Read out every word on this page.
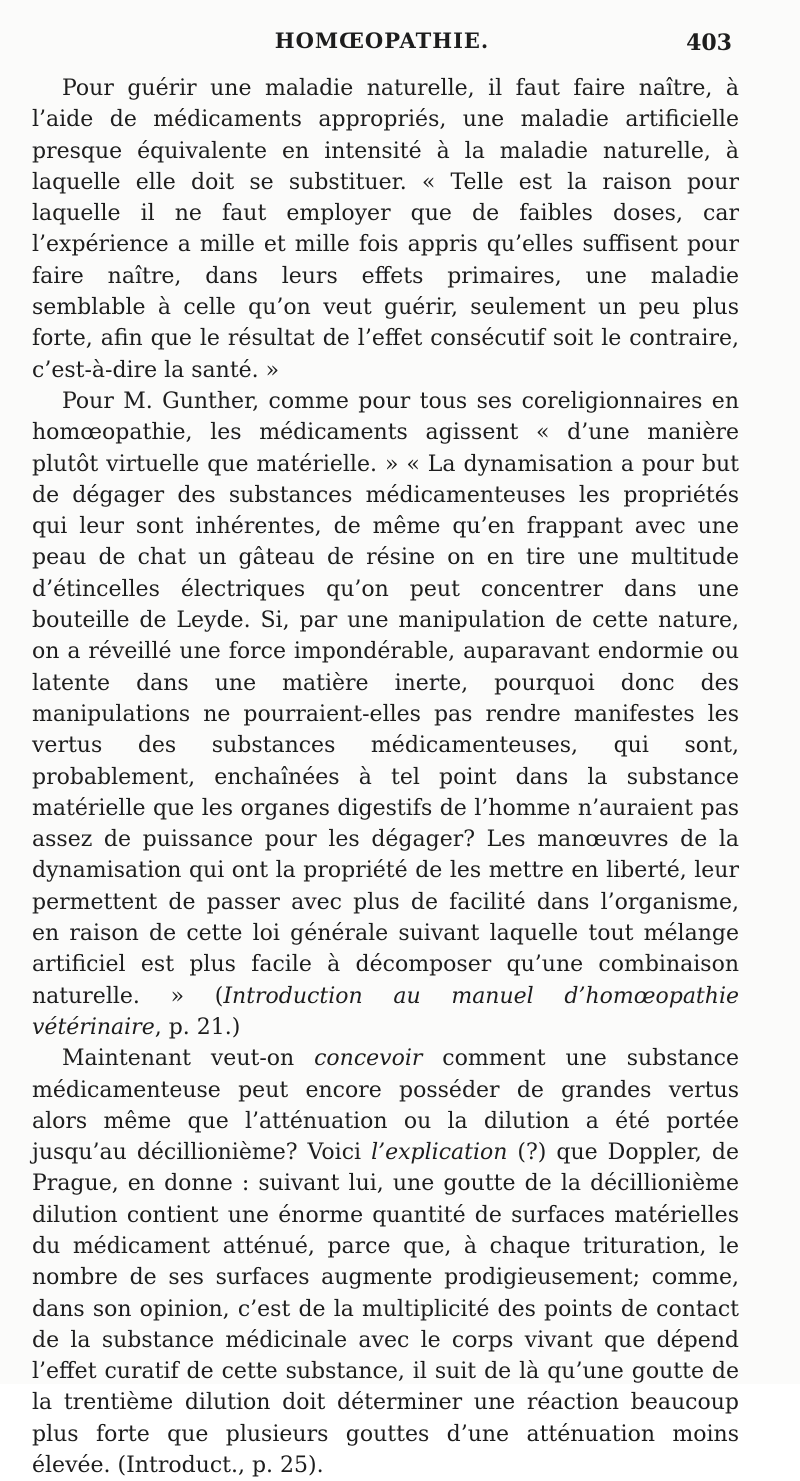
HOMŒOPATHIE.	403

Pour guérir une maladie naturelle, il faut faire naître, à l’aide de médicaments appropriés, une maladie artificielle presque équivalente en intensité à la maladie naturelle, à laquelle elle doit se substituer. « Telle est la raison pour laquelle il ne faut employer que de faibles doses, car l’expérience a mille et mille fois appris qu’elles suffisent pour faire naître, dans leurs effets primaires, une maladie semblable à celle qu’on veut guérir, seulement un peu plus forte, afin que le résultat de l’effet consécutif soit le contraire, c’est-à-dire la santé. »

Pour M. Gunther, comme pour tous ses coreligionnaires en homœopathie, les médicaments agissent « d’une manière plutôt virtuelle que matérielle. » « La dynamisation a pour but de dégager des substances médicamenteuses les propriétés qui leur sont inhérentes, de même qu’en frappant avec une peau de chat un gâteau de résine on en tire une multitude d’étincelles électriques qu’on peut concentrer dans une bouteille de Leyde. Si, par une manipulation de cette nature, on a réveillé une force impondérable, auparavant endormie ou latente dans une matière inerte, pourquoi donc des manipulations ne pourraient-elles pas rendre manifestes les vertus des substances médicamenteuses, qui sont, probablement, enchaînées à tel point dans la substance matérielle que les organes digestifs de l’homme n’auraient pas assez de puissance pour les dégager? Les manœuvres de la dynamisation qui ont la propriété de les mettre en liberté, leur permettent de passer avec plus de facilité dans l’organisme, en raison de cette loi générale suivant laquelle tout mélange artificiel est plus facile à décomposer qu’une combinaison naturelle. » (Introduction au manuel d’homœopathie vétérinaire, p. 21.)

Maintenant veut-on concevoir comment une substance médicamenteuse peut encore posséder de grandes vertus alors même que l’atténuation ou la dilution a été portée jusqu’au décillionième? Voici l’explication (?) que Doppler, de Prague, en donne : suivant lui, une goutte de la décillionième dilution contient une énorme quantité de surfaces matérielles du médicament atténué, parce que, à chaque trituration, le nombre de ses surfaces augmente prodigieusement; comme, dans son opinion, c’est de la multiplicité des points de contact de la substance médicinale avec le corps vivant que dépend l’effet curatif de cette substance, il suit de là qu’une goutte de la trentième dilution doit déterminer une réaction beaucoup plus forte que plusieurs gouttes d’une atténuation moins élevée. (Introduct., p. 25).
